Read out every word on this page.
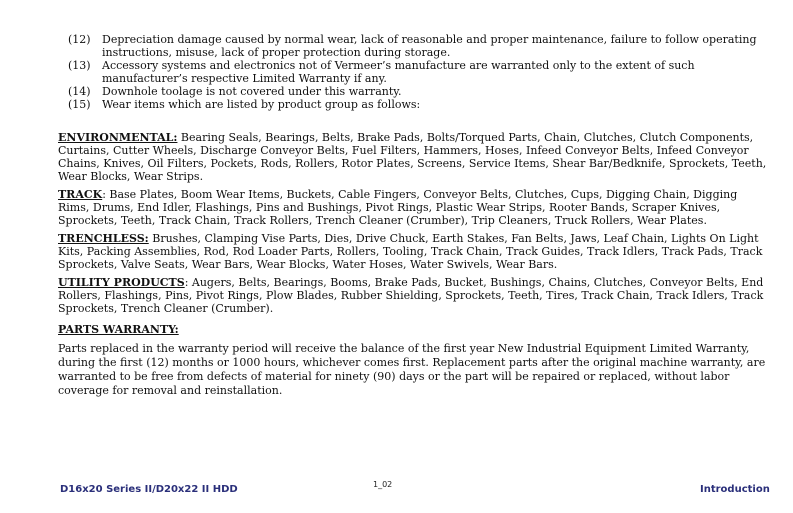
(12)	Depreciation damage caused by normal wear, lack of reasonable and proper maintenance, failure to follow operating instructions, misuse, lack of proper protection during storage.
(13)	Accessory systems and electronics not of Vermeer’s manufacture are warranted only to the extent of such manufacturer’s respective Limited Warranty if any.
(14)	Downhole toolage is not covered under this warranty.
(15)	Wear items which are listed by product group as follows:

ENVIRONMENTAL: Bearing Seals, Bearings, Belts, Brake Pads, Bolts/Torqued Parts, Chain, Clutches, Clutch Components, Curtains, Cutter Wheels, Discharge Conveyor Belts, Fuel Filters, Hammers, Hoses, Infeed Conveyor Belts, Infeed Conveyor Chains, Knives, Oil Filters, Pockets, Rods, Rollers, Rotor Plates, Screens, Service Items, Shear Bar/Bedknife, Sprockets, Teeth, Wear Blocks, Wear Strips.

TRACK: Base Plates, Boom Wear Items, Buckets, Cable Fingers, Conveyor Belts, Clutches, Cups, Digging Chain, Digging Rims, Drums, End Idler, Flashings, Pins and Bushings, Pivot Rings, Plastic Wear Strips, Rooter Bands, Scraper Knives, Sprockets, Teeth, Track Chain, Track Rollers, Trench Cleaner (Crumber), Trip Cleaners, Truck Rollers, Wear Plates.

TRENCHLESS: Brushes, Clamping Vise Parts, Dies, Drive Chuck, Earth Stakes, Fan Belts, Jaws, Leaf Chain, Lights On Light Kits, Packing Assemblies, Rod, Rod Loader Parts, Rollers, Tooling, Track Chain, Track Guides, Track Idlers, Track Pads, Track Sprockets, Valve Seats, Wear Bars, Wear Blocks, Water Hoses, Water Swivels, Wear Bars.

UTILITY PRODUCTS: Augers, Belts, Bearings, Booms, Brake Pads, Bucket, Bushings, Chains, Clutches, Conveyor Belts, End Rollers, Flashings, Pins, Pivot Rings, Plow Blades, Rubber Shielding, Sprockets, Teeth, Tires, Track Chain, Track Idlers, Track Sprockets, Trench Cleaner (Crumber).

PARTS WARRANTY:

Parts replaced in the warranty period will receive the balance of the first year New Industrial Equipment Limited Warranty, during the first (12) months or 1000 hours, whichever comes first. Replacement parts after the original machine warranty, are warranted to be free from defects of material for ninety (90) days or the part will be repaired or replaced, without labor coverage for removal and reinstallation.

D16x20 Series II/D20x22 II HDD	1_02	Introduction
